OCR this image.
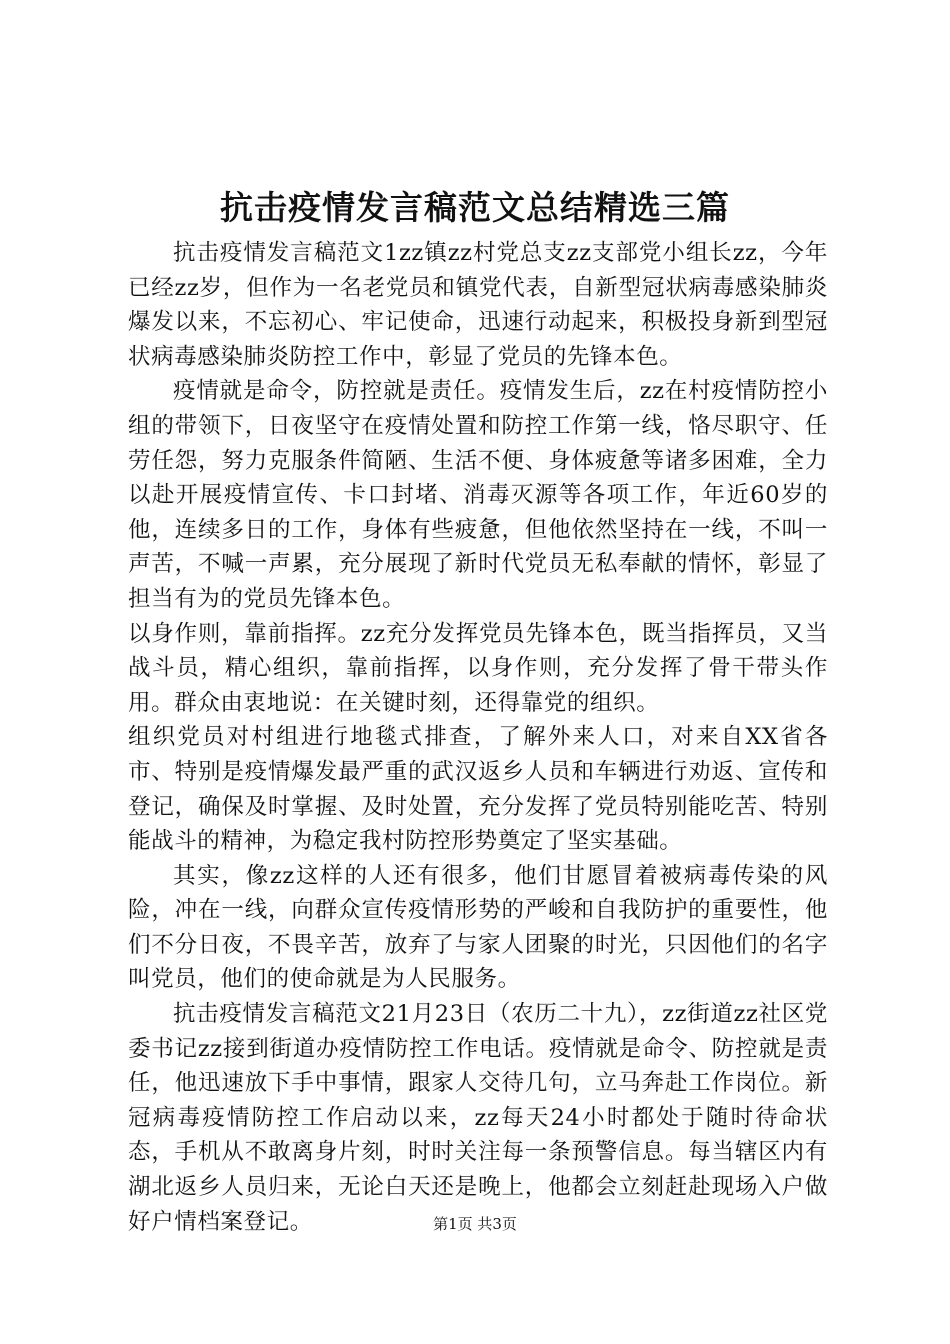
抗击疫情发言稿范文总结精选三篇

抗击疫情发言稿范文1zz镇zz村党总支zz支部党小组长zz，今年已经zz岁，但作为一名老党员和镇党代表，自新型冠状病毒感染肺炎爆发以来，不忘初心、牢记使命，迅速行动起来，积极投身新到型冠状病毒感染肺炎防控工作中，彰显了党员的先锋本色。

疫情就是命令，防控就是责任。疫情发生后，zz在村疫情防控小组的带领下，日夜坚守在疫情处置和防控工作第一线，恪尽职守、任劳任怨，努力克服条件简陋、生活不便、身体疲惫等诸多困难，全力以赴开展疫情宣传、卡口封堵、消毒灭源等各项工作，年近60岁的他，连续多日的工作，身体有些疲惫，但他依然坚持在一线，不叫一声苦，不喊一声累，充分展现了新时代党员无私奉献的情怀，彰显了担当有为的党员先锋本色。

以身作则，靠前指挥。zz充分发挥党员先锋本色，既当指挥员，又当战斗员，精心组织，靠前指挥，以身作则，充分发挥了骨干带头作用。群众由衷地说：在关键时刻，还得靠党的组织。

组织党员对村组进行地毯式排查，了解外来人口，对来自XX省各市、特别是疫情爆发最严重的武汉返乡人员和车辆进行劝返、宣传和登记，确保及时掌握、及时处置，充分发挥了党员特别能吃苦、特别能战斗的精神，为稳定我村防控形势奠定了坚实基础。

其实，像zz这样的人还有很多，他们甘愿冒着被病毒传染的风险，冲在一线，向群众宣传疫情形势的严峻和自我防护的重要性，他们不分日夜，不畏辛苦，放弃了与家人团聚的时光，只因他们的名字叫党员，他们的使命就是为人民服务。

抗击疫情发言稿范文21月23日（农历二十九），zz街道zz社区党委书记zz接到街道办疫情防控工作电话。疫情就是命令、防控就是责任，他迅速放下手中事情，跟家人交待几句，立马奔赴工作岗位。新冠病毒疫情防控工作启动以来，zz每天24小时都处于随时待命状态，手机从不敢离身片刻，时时关注每一条预警信息。每当辖区内有湖北返乡人员归来，无论白天还是晚上，他都会立刻赶赴现场入户做好户情档案登记。	第1页 共3页
